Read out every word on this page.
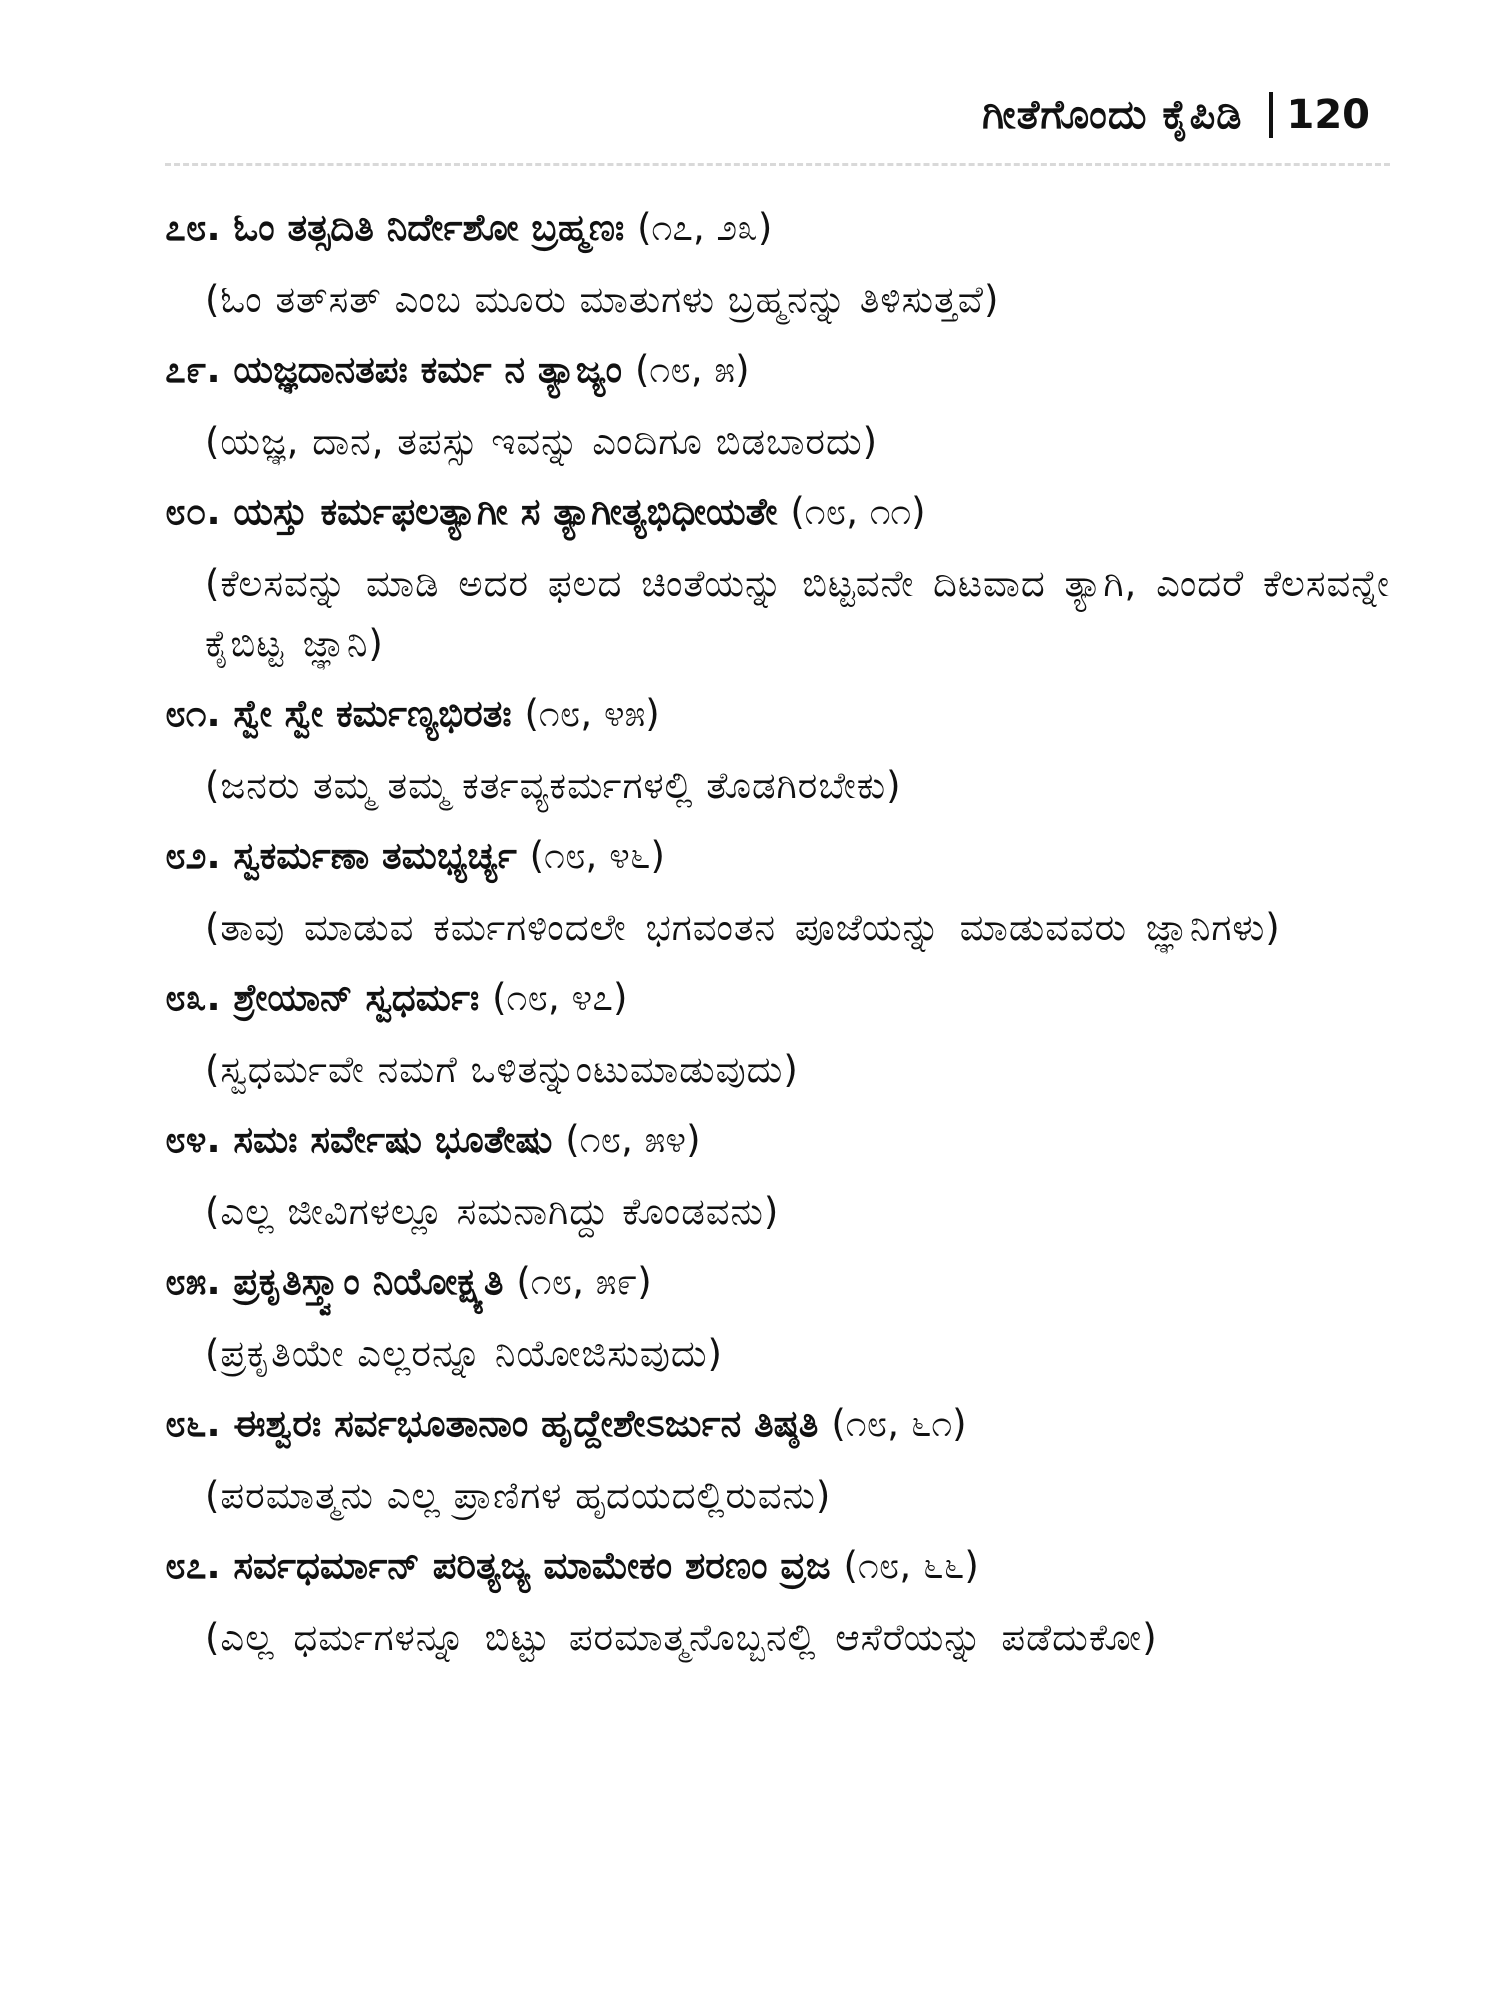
ಗೀತೆಗೊಂದು ಕೈಪಿಡಿ 120
೭೮. ಓಂ ತತ್ಸದಿತಿ ನಿರ್ದೇಶೋ ಬ್ರಹ್ಮಣಃ (೧೭, ೨೩)
(ಓಂ ತತ್‌ಸತ್ ಎಂಬ ಮೂರು ಮಾತುಗಳು ಬ್ರಹ್ಮನನ್ನು ತಿಳಿಸುತ್ತವೆ)
೭೯. ಯಜ್ಞದಾನತಪಃ ಕರ್ಮ ನ ತ್ಯಾಜ್ಯಂ (೧೮, ೫)
(ಯಜ್ಞ, ದಾನ, ತಪಸ್ಸು ಇವನ್ನು ಎಂದಿಗೂ ಬಿಡಬಾರದು)
೮೦. ಯಸ್ತು ಕರ್ಮಫಲತ್ಯಾಗೀ ಸ ತ್ಯಾಗೀತ್ಯಭಿಧೀಯತೇ (೧೮, ೧೧)
(ಕೆಲಸವನ್ನು ಮಾಡಿ ಅದರ ಫಲದ ಚಿಂತೆಯನ್ನು ಬಿಟ್ಟವನೇ ದಿಟವಾದ ತ್ಯಾಗಿ, ಎಂದರೆ ಕೆಲಸವನ್ನೇ ಕೈಬಿಟ್ಟ ಜ್ಞಾನಿ)
೮೧. ಸ್ವೇ ಸ್ವೇ ಕರ್ಮಣ್ಯಭಿರತಃ (೧೮, ೪೫)
(ಜನರು ತಮ್ಮ ತಮ್ಮ ಕರ್ತವ್ಯಕರ್ಮಗಳಲ್ಲಿ ತೊಡಗಿರಬೇಕು)
೮೨. ಸ್ವಕರ್ಮಣಾ ತಮಭ್ಯರ್ಚ್ಯ (೧೮, ೪೬)
(ತಾವು ಮಾಡುವ ಕರ್ಮಗಳಿಂದಲೇ ಭಗವಂತನ ಪೂಜೆಯನ್ನು ಮಾಡುವವರು ಜ್ಞಾನಿಗಳು)
೮೩. ಶ್ರೇಯಾನ್ ಸ್ವಧರ್ಮಃ (೧೮, ೪೭)
(ಸ್ವಧರ್ಮವೇ ನಮಗೆ ಒಳಿತನ್ನುಂಟುಮಾಡುವುದು)
೮೪. ಸಮಃ ಸರ್ವೇಷು ಭೂತೇಷು (೧೮, ೫೪)
(ಎಲ್ಲ ಜೀವಿಗಳಲ್ಲೂ ಸಮನಾಗಿದ್ದು ಕೊಂಡವನು)
೮೫. ಪ್ರಕೃತಿಸ್ತ್ವಾಂ ನಿಯೋಕ್ಷ್ಯತಿ (೧೮, ೫೯)
(ಪ್ರಕೃತಿಯೇ ಎಲ್ಲರನ್ನೂ ನಿಯೋಜಿಸುವುದು)
೮೬. ಈಶ್ವರಃ ಸರ್ವಭೂತಾನಾಂ ಹೃದ್ದೇಶೇಽರ್ಜುನ ತಿಷ್ಠತಿ (೧೮, ೬೧)
(ಪರಮಾತ್ಮನು ಎಲ್ಲ ಪ್ರಾಣಿಗಳ ಹೃದಯದಲ್ಲಿರುವನು)
೮೭. ಸರ್ವಧರ್ಮಾನ್ ಪರಿತ್ಯಜ್ಯ ಮಾಮೇಕಂ ಶರಣಂ ವ್ರಜ (೧೮, ೬೬)
(ಎಲ್ಲ ಧರ್ಮಗಳನ್ನೂ ಬಿಟ್ಟು ಪರಮಾತ್ಮನೊಬ್ಬನಲ್ಲಿ ಆಸೆರೆಯನ್ನು ಪಡೆದುಕೋ)
